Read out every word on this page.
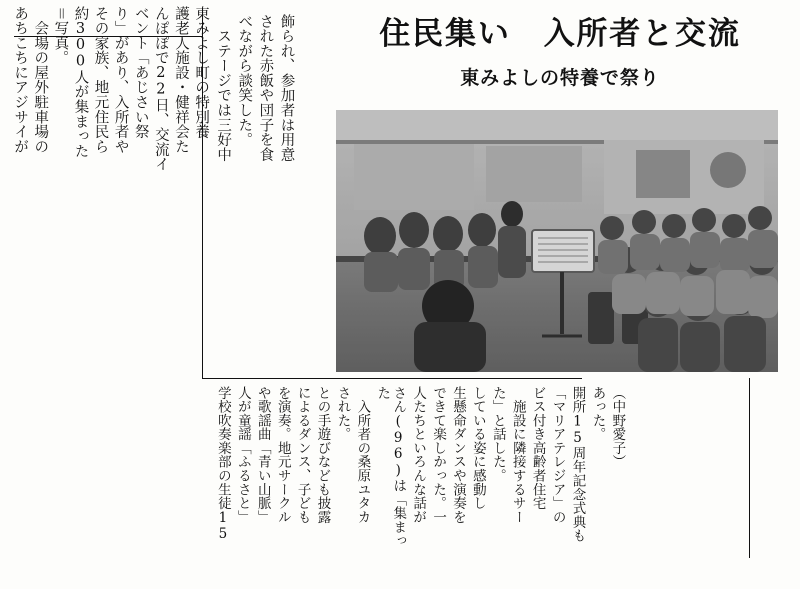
住民集い　入所者と交流
東みよしの特養で祭り
東みよし町の特別養
護老人施設・健祥会た
んぽぽで22日、交流イ
ベント「あじさい祭
り」があり、入所者や
その家族、地元住民ら
約300人が集まった
＝写真。
　会場の屋外駐車場の
あちこちにアジサイが	飾られ、参加者は用意
された赤飯や団子を食
べながら談笑した。
　ステージでは三好中
（中野愛子）
あった。
開所15周年記念式典も
「マリアテレジア」の
ビス付き高齢者住宅
　施設に隣接するサー
た」と話した。
している姿に感動し
生懸命ダンスや演奏を
できて楽しかった。一
人たちといろんな話が
さん(96)は「集まった
　入所者の桑原ユタカ
された。
との手遊びなども披露
によるダンス、子ども
を演奏。地元サークル
や歌謡曲「青い山脈」
人が童謡「ふるさと」
学校吹奏楽部の生徒15
